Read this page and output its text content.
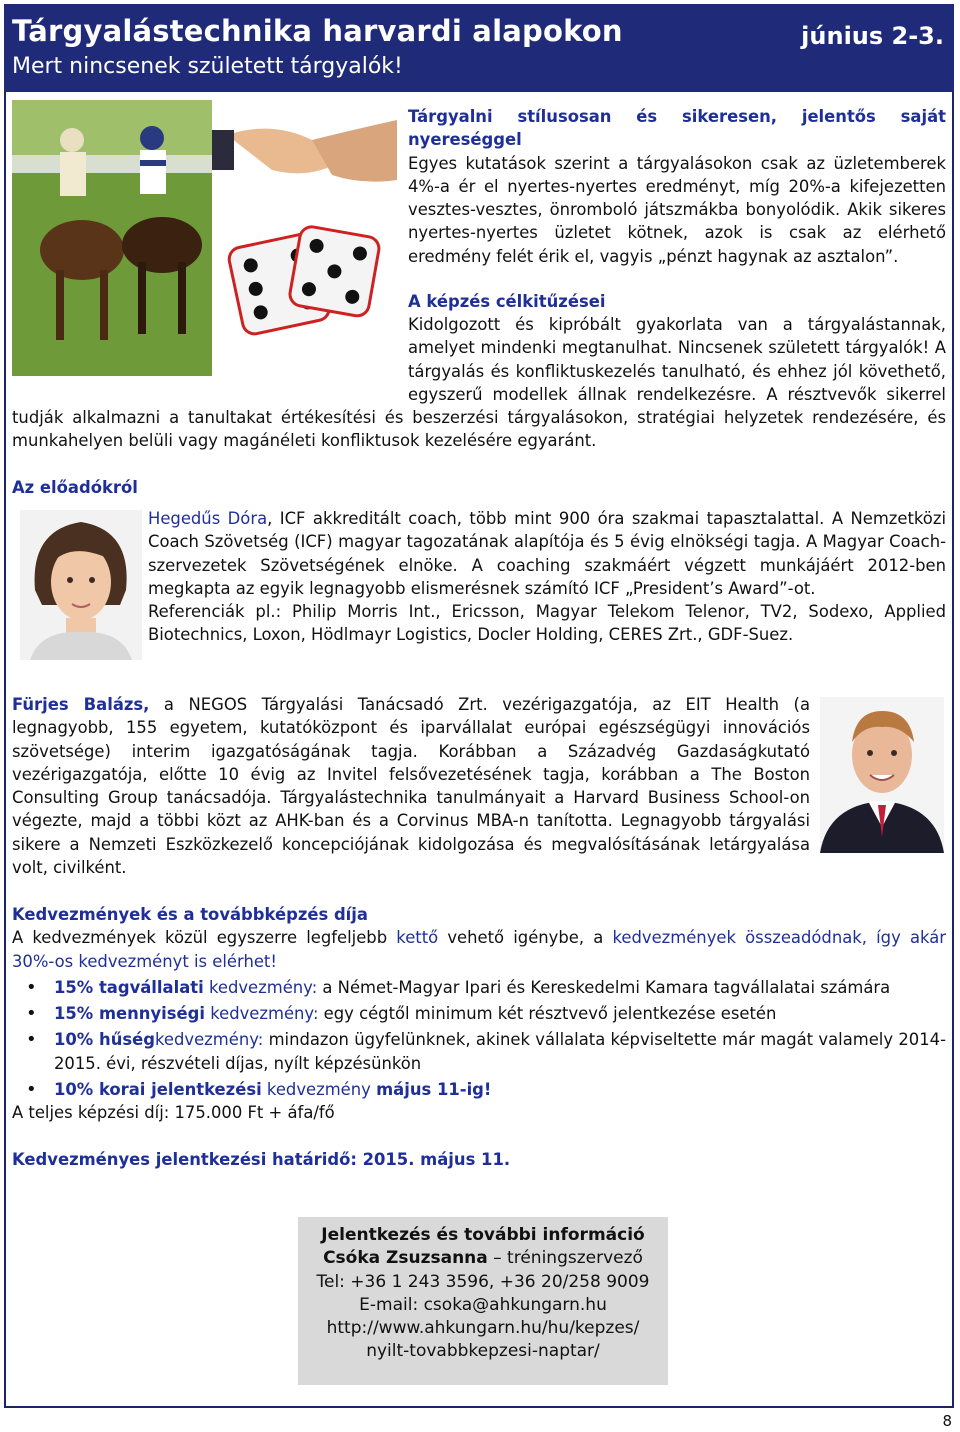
Tárgyalástechnika harvardi alapokon
Mert nincsenek született tárgyalók!
június 2-3.

Tárgyalni stílusosan és sikeresen, jelentős saját nyereséggel

Egyes kutatások szerint a tárgyalásokon csak az üzletemberek 4%-a ér el nyertes-nyertes eredményt, míg 20%-a kifejezetten vesztes-vesztes, önromboló játszmákba bonyolódik. Akik sikeres nyertes-nyertes üzletet kötnek, azok is csak az elérhető eredmény felét érik el, vagyis „pénzt hagynak az asztalon”.

A képzés célkitűzései

Kidolgozott és kipróbált gyakorlata van a tárgyalástannak, amelyet mindenki megtanulhat. Nincsenek született tárgyalók! A tárgyalás és konfliktuskezelés tanulható, és ehhez jól követhető, egyszerű modellek állnak rendelkezésre. A résztvevők sikerrel tudják alkalmazni a tanultakat értékesítési és beszerzési tárgyalásokon, stratégiai helyzetek rendezésére, és munkahelyen belüli vagy magánéleti konfliktusok kezelésére egyaránt.

Az előadókról

Hegedűs Dóra, ICF akkreditált coach, több mint 900 óra szakmai tapasztalattal. A Nemzetközi Coach Szövetség (ICF) magyar tagozatának alapítója és 5 évig elnökségi tagja. A Magyar Coach-szervezetek Szövetségének elnöke. A coaching szakmáért végzett munkájáért 2012-ben megkapta az egyik legnagyobb elismerésnek számító ICF „President’s Award”-ot.

Referenciák pl.: Philip Morris Int., Ericsson, Magyar Telekom Telenor, TV2, Sodexo, Applied Biotechnics, Loxon, Hödlmayr Logistics, Docler Holding, CERES Zrt., GDF-Suez.

Fürjes Balázs, a NEGOS Tárgyalási Tanácsadó Zrt. vezérigazgatója, az EIT Health (a legnagyobb, 155 egyetem, kutatóközpont és iparvállalat európai egészségügyi innovációs szövetsége) interim igazgatóságának tagja. Korábban a Századvég Gazdaságkutató vezérigazgatója, előtte 10 évig az Invitel felsővezetésének tagja, korábban a The Boston Consulting Group tanácsadója. Tárgyalástechnika tanulmányait a Harvard Business School-on végezte, majd a többi közt az AHK-ban és a Corvinus MBA-n tanította. Legnagyobb tárgyalási sikere a Nemzeti Eszközkezelő koncepciójának kidolgozása és megvalósításának letárgyalása volt, civilként.

Kedvezmények és a továbbképzés díja

A kedvezmények közül egyszerre legfeljebb kettő vehető igénybe, a kedvezmények összeadódnak, így akár 30%-os kedvezményt is elérhet!

• 15% tagvállalati kedvezmény: a Német-Magyar Ipari és Kereskedelmi Kamara tagvállalatai számára
• 15% mennyiségi kedvezmény: egy cégtől minimum két résztvevő jelentkezése esetén
• 10% hűségkedvezmény: mindazon ügyfelünknek, akinek vállalata képviseltette már magát valamely 2014-2015. évi, részvételi díjas, nyílt képzésünkön
• 10% korai jelentkezési kedvezmény május 11-ig!

A teljes képzési díj: 175.000 Ft + áfa/fő

Kedvezményes jelentkezési határidő: 2015. május 11.

Jelentkezés és további információ
Csóka Zsuzsanna – tréningszervező
Tel: +36 1 243 3596, +36 20/258 9009
E-mail: csoka@ahkungarn.hu
http://www.ahkungarn.hu/hu/kepzes/
nyilt-tovabbkepzesi-naptar/
8
